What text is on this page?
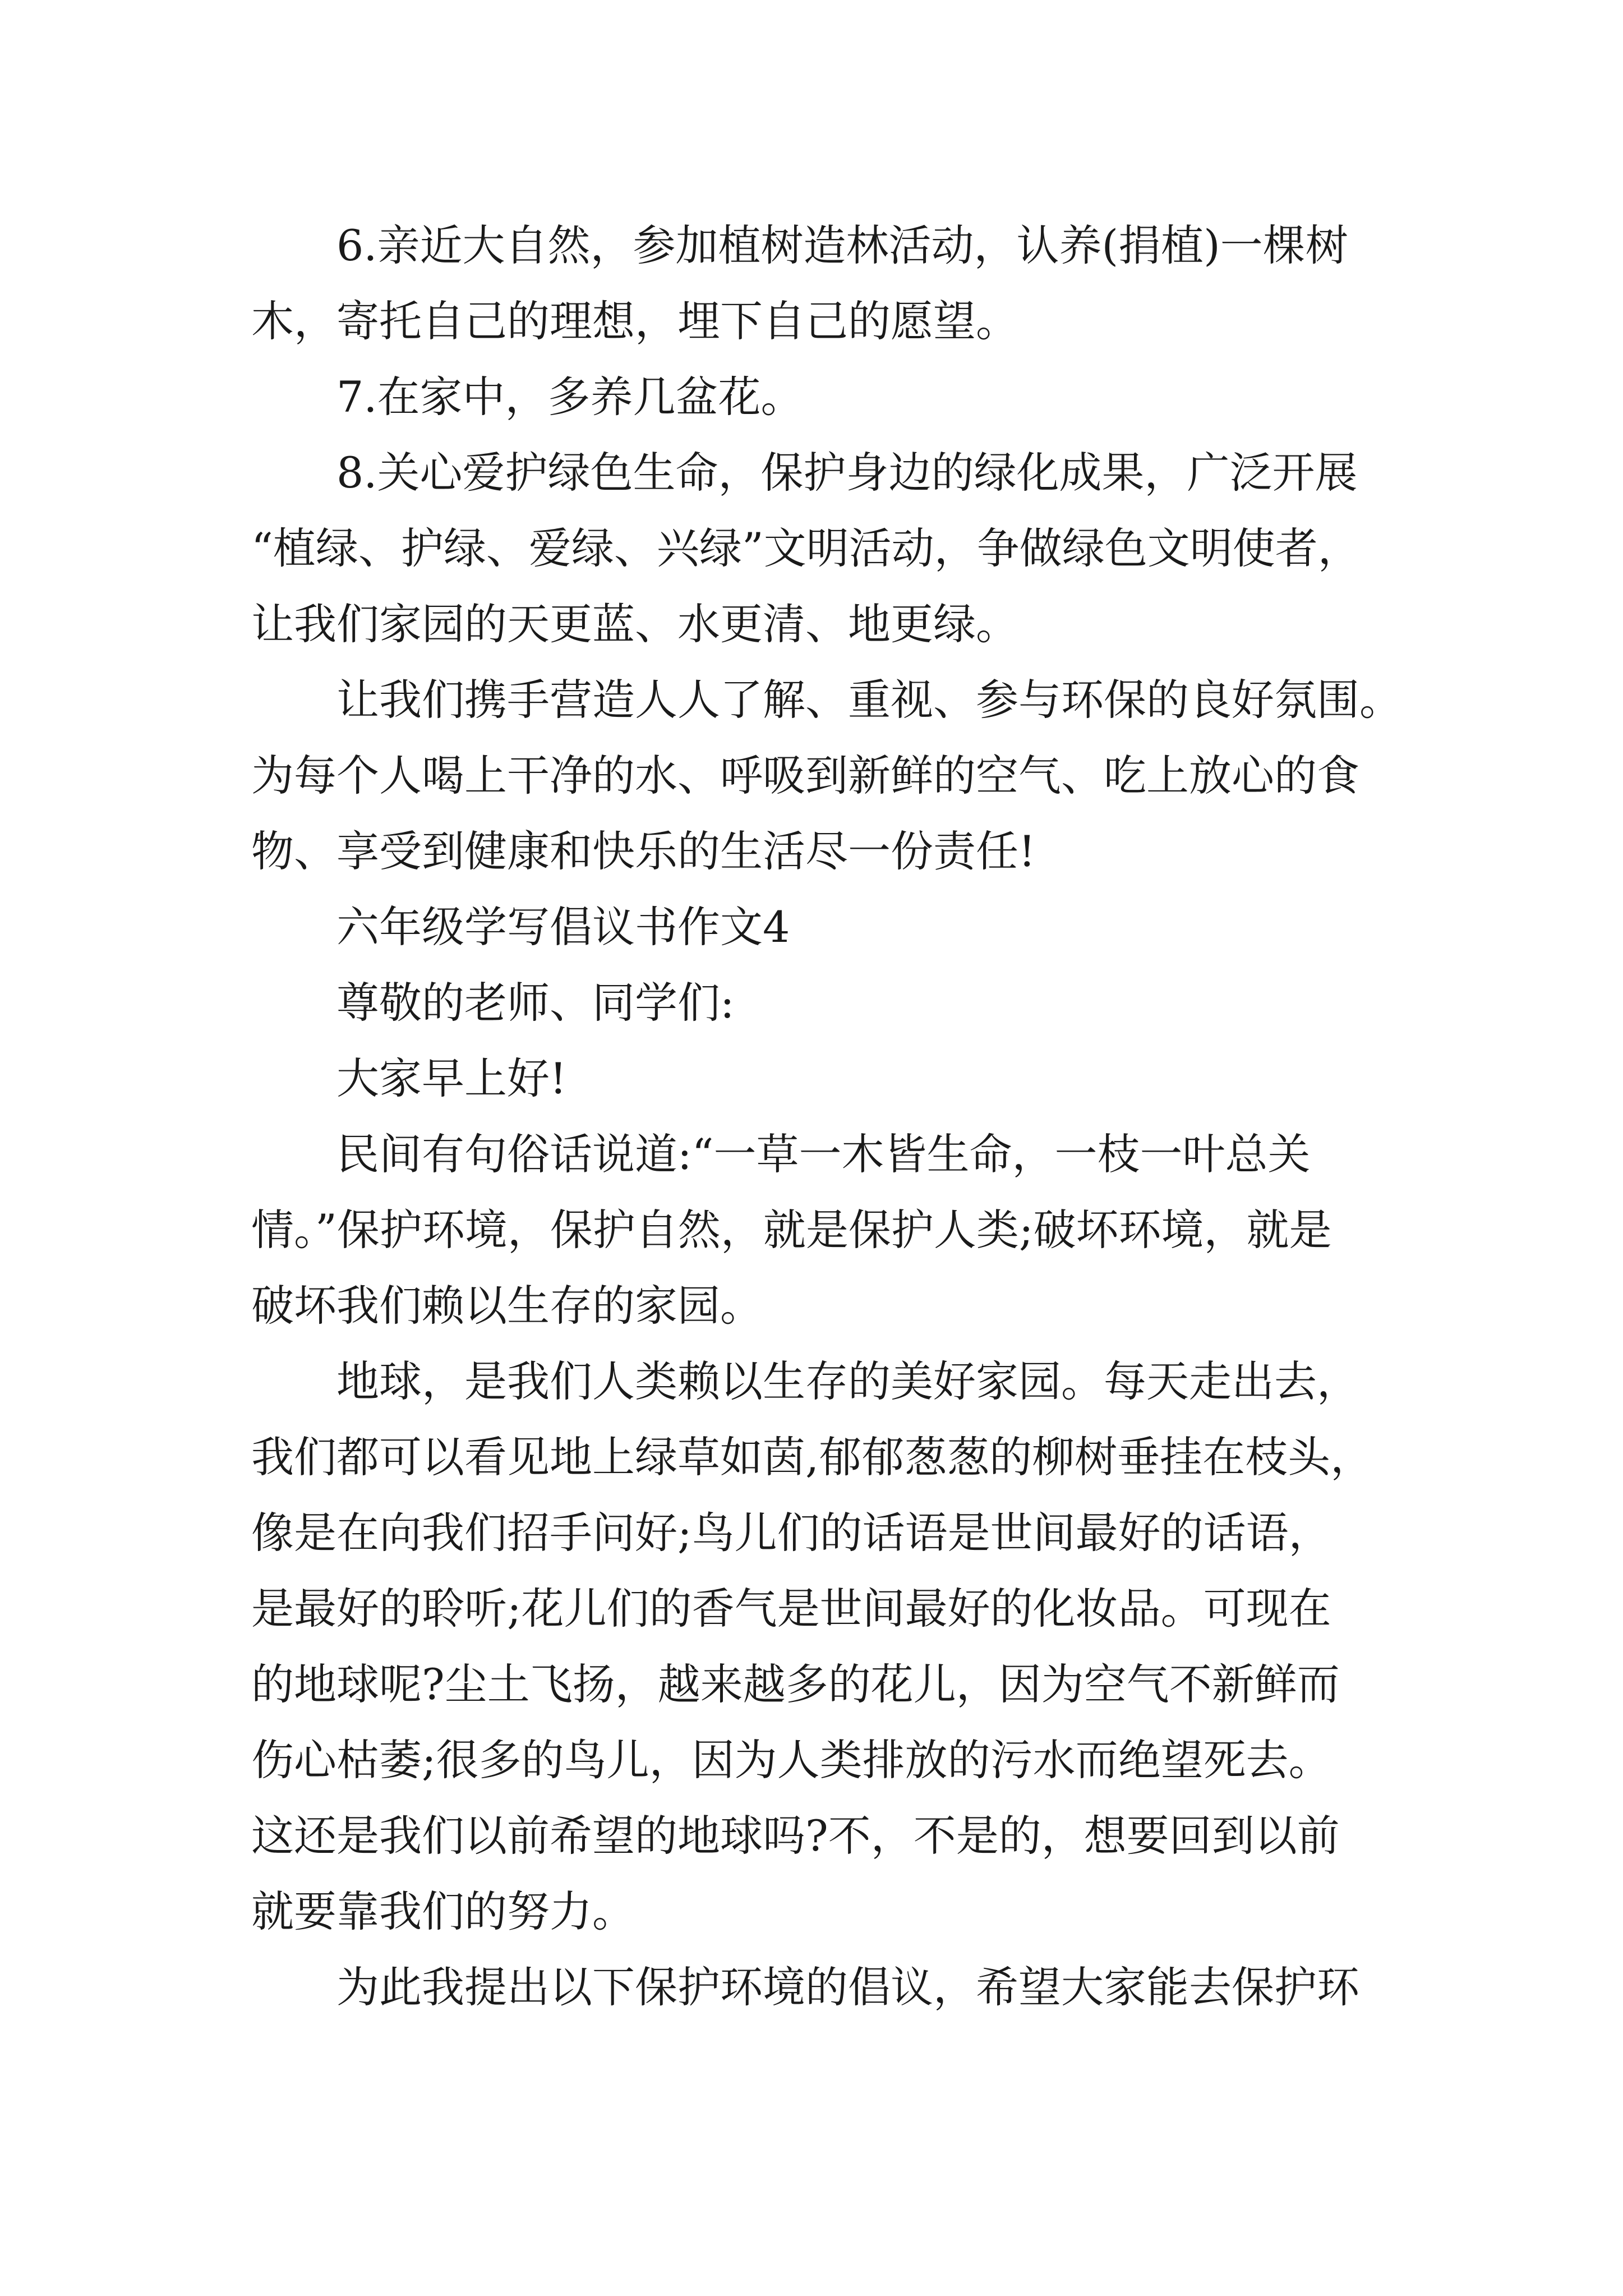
6.亲近大自然，参加植树造林活动，认养(捐植)一棵树
木，寄托自己的理想，埋下自己的愿望。
7.在家中，多养几盆花。
8.关心爱护绿色生命，保护身边的绿化成果，广泛开展
“植绿、护绿、爱绿、兴绿”文明活动，争做绿色文明使者，
让我们家园的天更蓝、水更清、地更绿。
让我们携手营造人人了解、重视、参与环保的良好氛围。
为每个人喝上干净的水、呼吸到新鲜的空气、吃上放心的食
物、享受到健康和快乐的生活尽一份责任!
六年级学写倡议书作文4
尊敬的老师、同学们:
大家早上好!
民间有句俗话说道:“一草一木皆生命，一枝一叶总关
情。”保护环境，保护自然，就是保护人类;破坏环境，就是
破坏我们赖以生存的家园。
地球，是我们人类赖以生存的美好家园。每天走出去，
我们都可以看见地上绿草如茵,郁郁葱葱的柳树垂挂在枝头，
像是在向我们招手问好;鸟儿们的话语是世间最好的话语，
是最好的聆听;花儿们的香气是世间最好的化妆品。可现在
的地球呢?尘土飞扬，越来越多的花儿，因为空气不新鲜而
伤心枯萎;很多的鸟儿，因为人类排放的污水而绝望死去。
这还是我们以前希望的地球吗?不，不是的，想要回到以前
就要靠我们的努力。
为此我提出以下保护环境的倡议，希望大家能去保护环
